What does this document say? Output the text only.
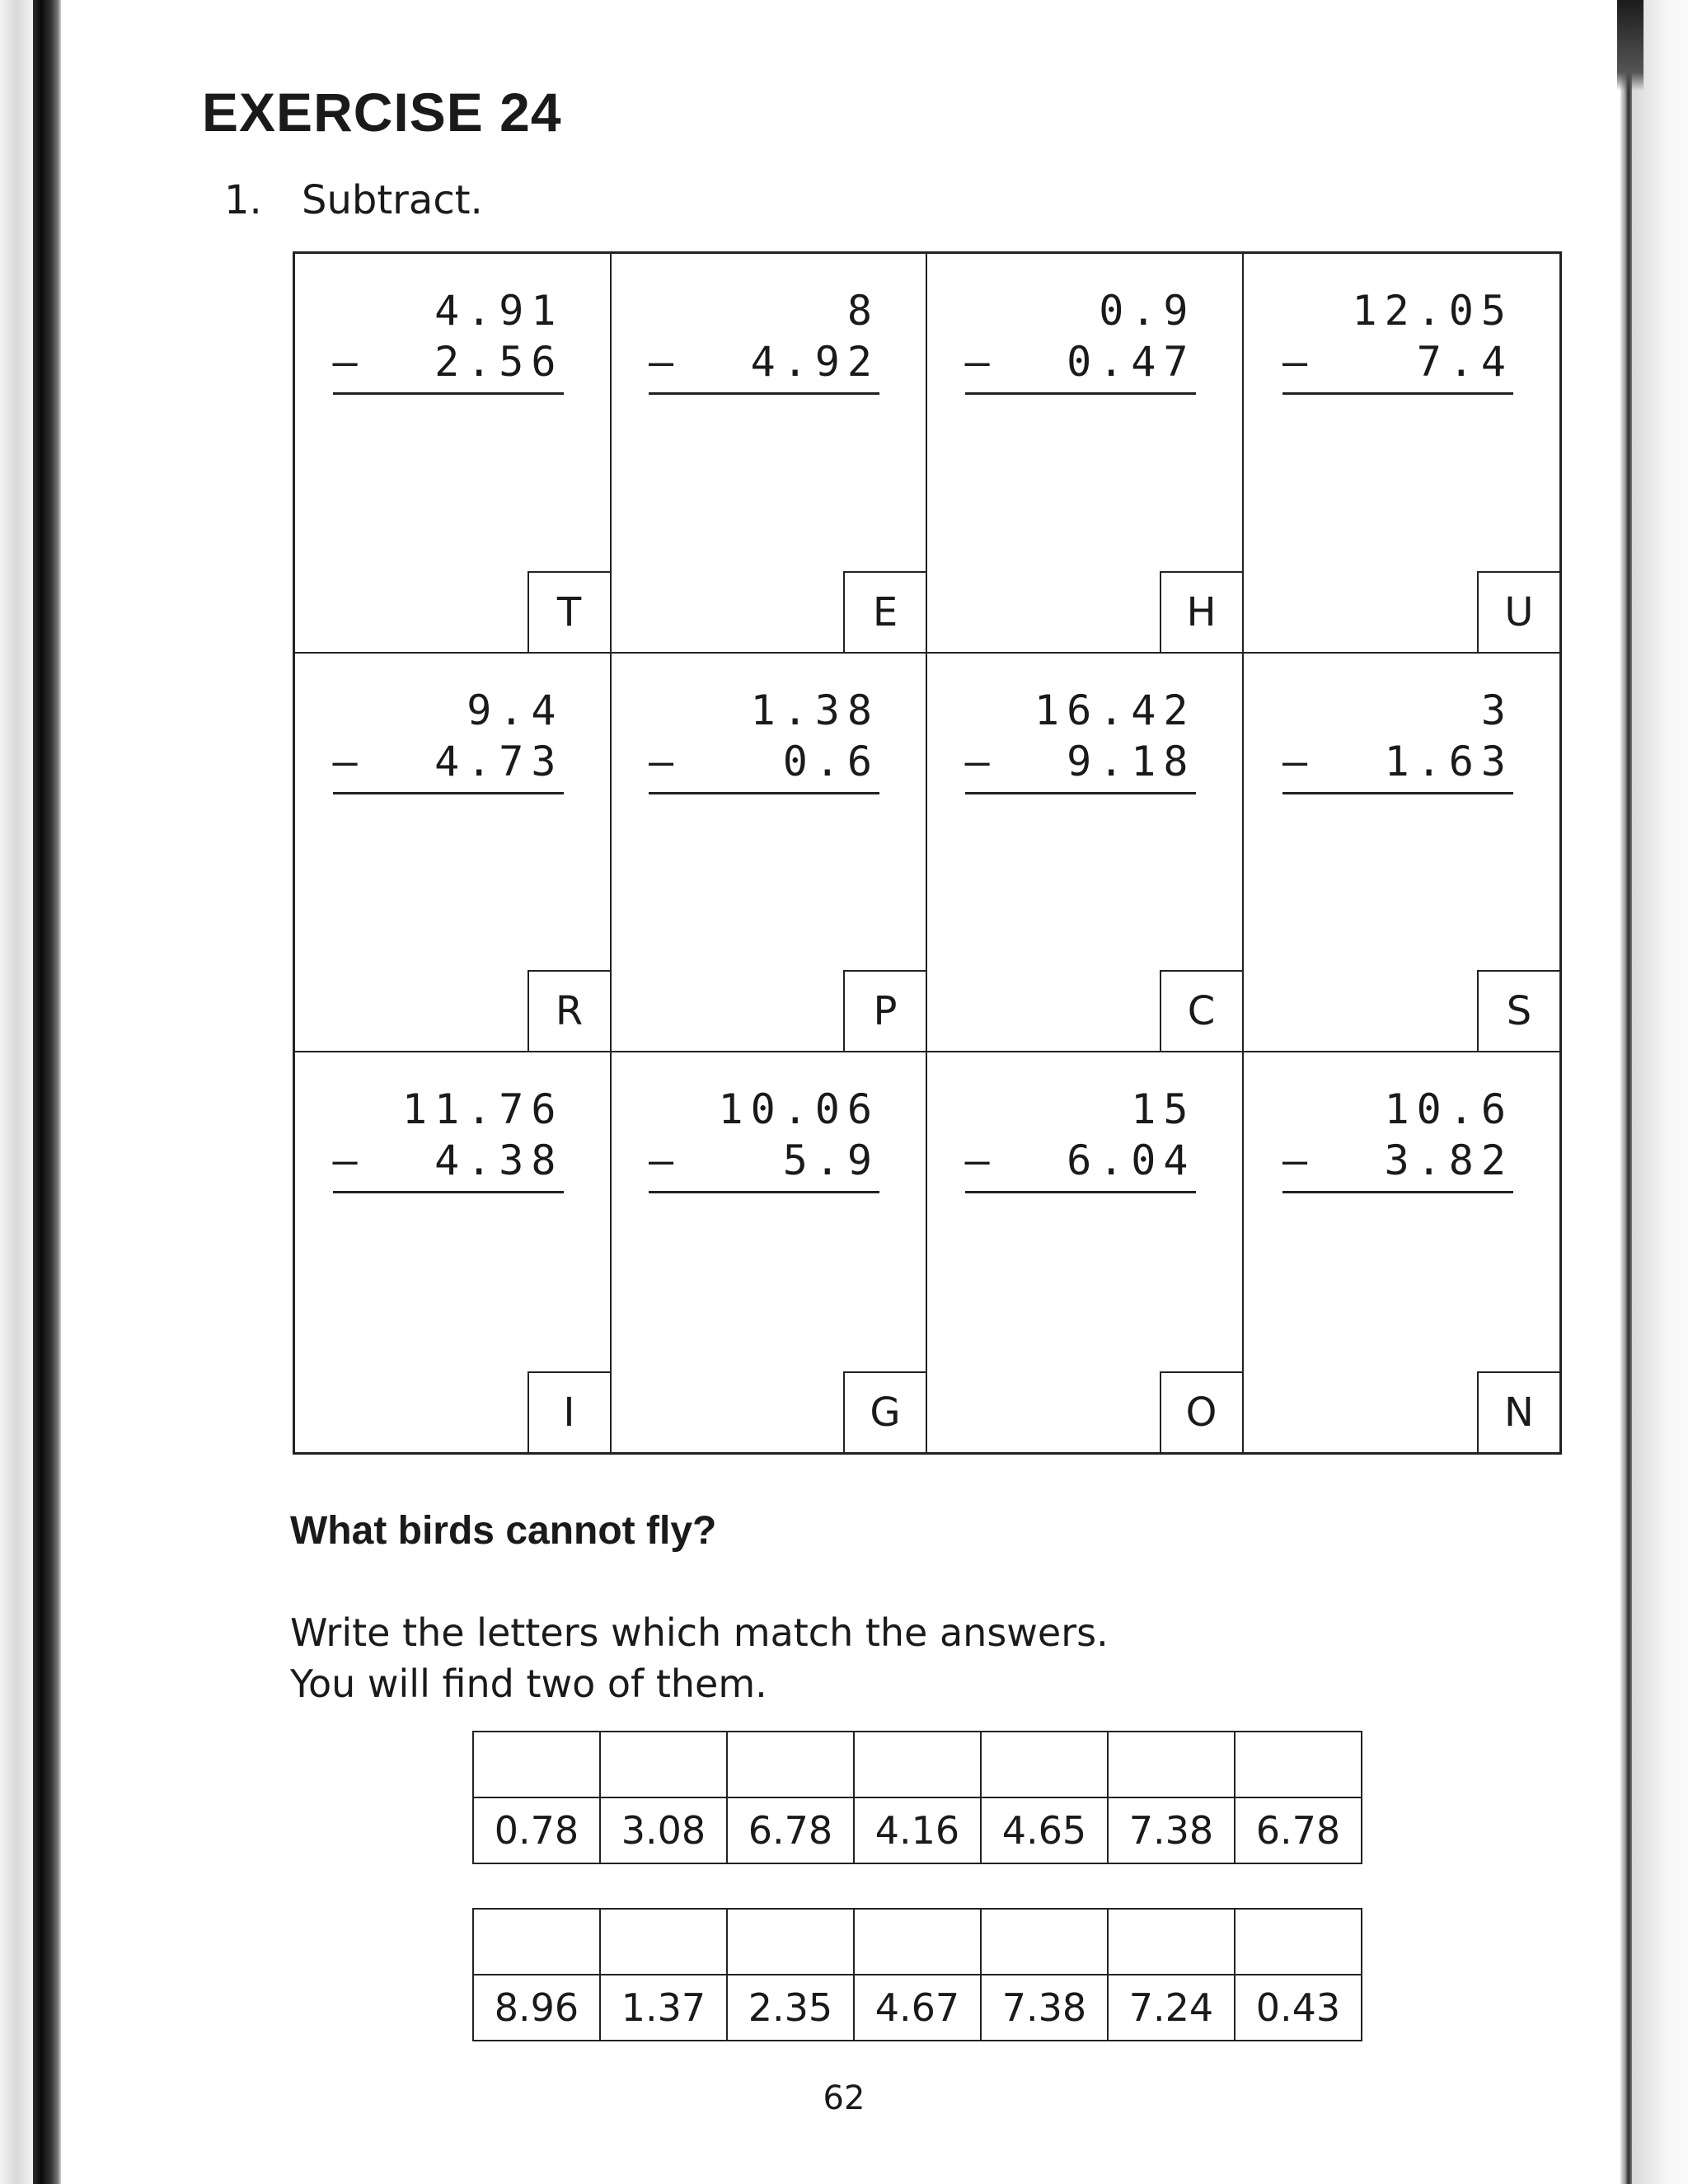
EXERCISE 24
1. Subtract.
4.91
– 2.56
T
8
– 4.92
E
0.9
– 0.47
H
12.05
– 7.4
U
9.4
– 4.73
R
1.38
– 0.6
P
16.42
– 9.18
C
3
– 1.63
S
11.76
– 4.38
I
10.06
– 5.9
G
15
– 6.04
O
10.6
– 3.82
N
What birds cannot fly?
Write the letters which match the answers.
You will find two of them.

0.78	3.08	6.78	4.16	4.65	7.38	6.78

8.96	1.37	2.35	4.67	7.38	7.24	0.43
62
